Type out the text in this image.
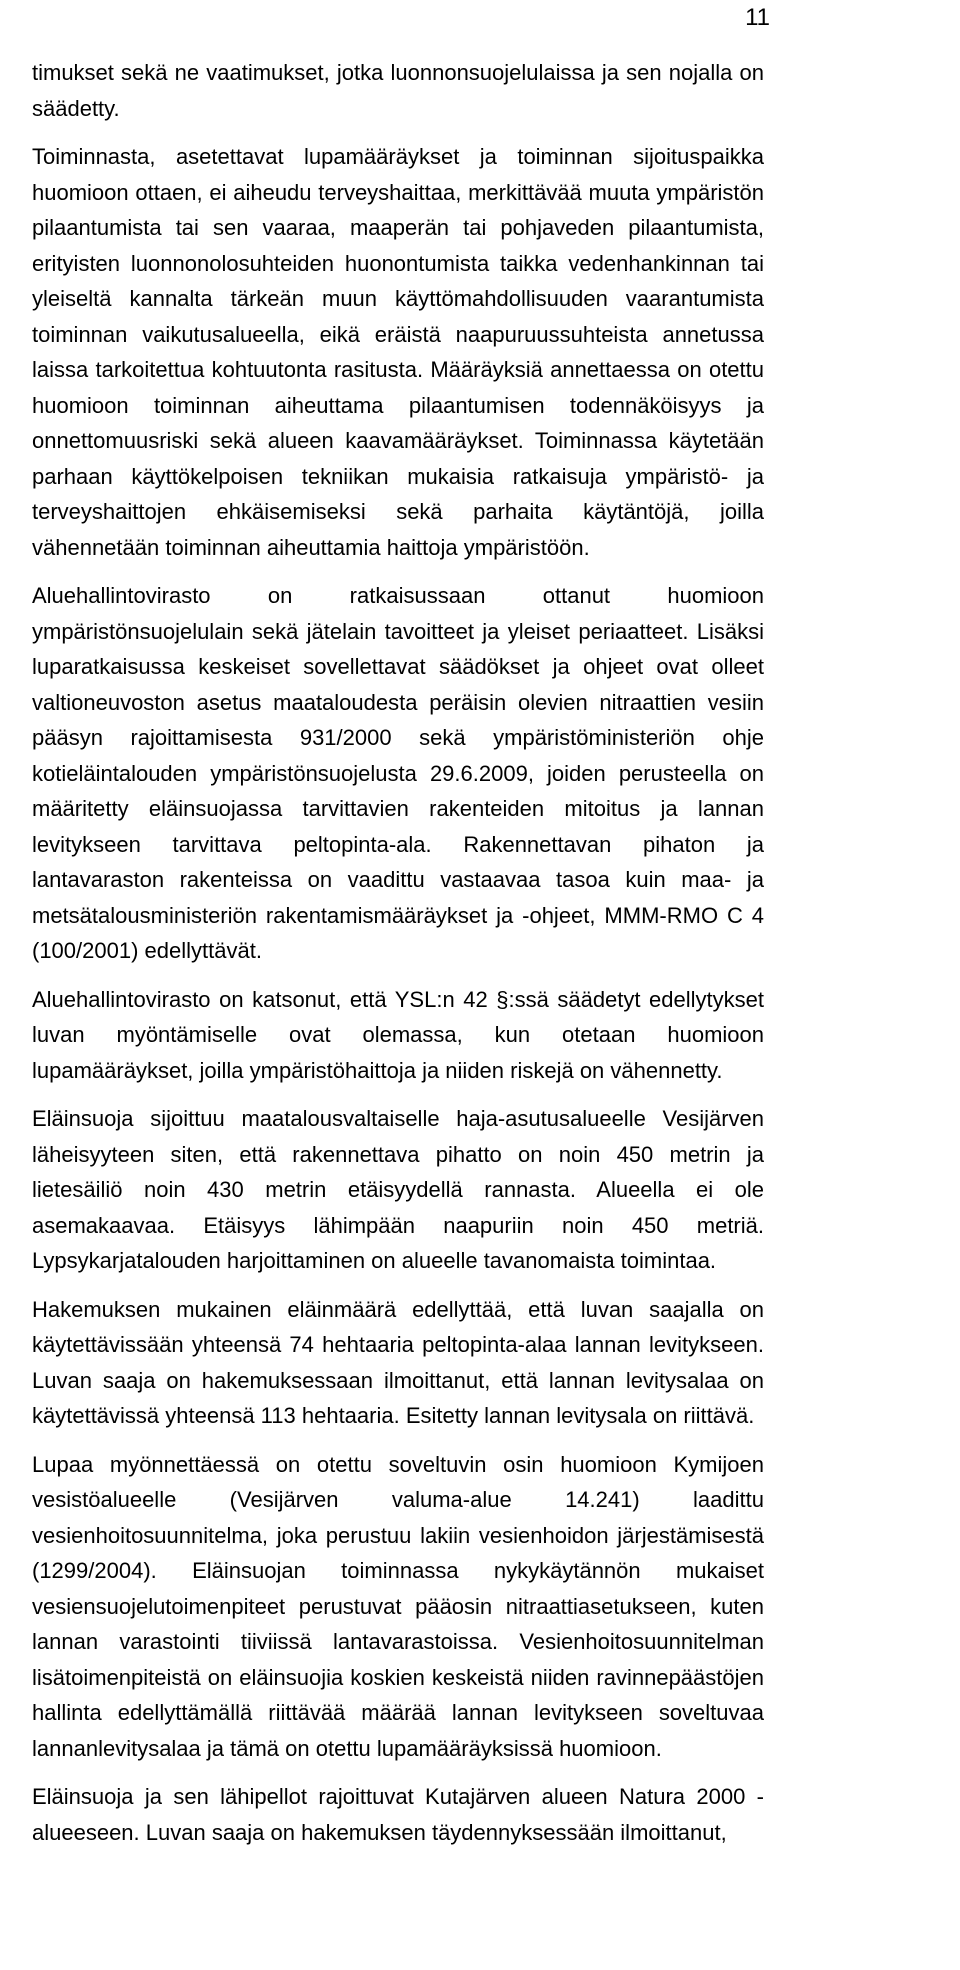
11

timukset sekä ne vaatimukset, jotka luonnonsuojelulaissa ja sen nojalla on säädetty.

Toiminnasta, asetettavat lupamääräykset ja toiminnan sijoituspaikka huomioon ottaen, ei aiheudu terveyshaittaa, merkittävää muuta ympäristön pilaantumista tai sen vaaraa, maaperän tai pohjaveden pilaantumista, erityisten luonnonolosuhteiden huonontumista taikka vedenhankinnan tai yleiseltä kannalta tärkeän muun käyttömahdollisuuden vaarantumista toiminnan vaikutusalueella, eikä eräistä naapuruussuhteista annetussa laissa tarkoitettua kohtuutonta rasitusta. Määräyksiä annettaessa on otettu huomioon toiminnan aiheuttama pilaantumisen todennäköisyys ja onnettomuusriski sekä alueen kaavamääräykset. Toiminnassa käytetään parhaan käyttökelpoisen tekniikan mukaisia ratkaisuja ympäristö- ja terveyshaittojen ehkäisemiseksi sekä parhaita käytäntöjä, joilla vähennetään toiminnan aiheuttamia haittoja ympäristöön.

Aluehallintovirasto on ratkaisussaan ottanut huomioon ympäristönsuojelulain sekä jätelain tavoitteet ja yleiset periaatteet. Lisäksi luparatkaisussa keskeiset sovellettavat säädökset ja ohjeet ovat olleet valtioneuvoston asetus maataloudesta peräisin olevien nitraattien vesiin pääsyn rajoittamisesta 931/2000 sekä ympäristöministeriön ohje kotieläintalouden ympäristönsuojelusta 29.6.2009, joiden perusteella on määritetty eläinsuojassa tarvittavien rakenteiden mitoitus ja lannan levitykseen tarvittava peltopinta-ala. Rakennettavan pihaton ja lantavaraston rakenteissa on vaadittu vastaavaa tasoa kuin maa- ja metsätalousministeriön rakentamismääräykset ja -ohjeet, MMM-RMO C 4 (100/2001) edellyttävät.

Aluehallintovirasto on katsonut, että YSL:n 42 §:ssä säädetyt edellytykset luvan myöntämiselle ovat olemassa, kun otetaan huomioon lupamääräykset, joilla ympäristöhaittoja ja niiden riskejä on vähennetty.

Eläinsuoja sijoittuu maatalousvaltaiselle haja-asutusalueelle Vesijärven läheisyyteen siten, että rakennettava pihatto on noin 450 metrin ja lietesäiliö noin 430 metrin etäisyydellä rannasta. Alueella ei ole asemakaavaa. Etäisyys lähimpään naapuriin noin 450 metriä. Lypsykarjatalouden harjoittaminen on alueelle tavanomaista toimintaa.

Hakemuksen mukainen eläinmäärä edellyttää, että luvan saajalla on käytettävissään yhteensä 74 hehtaaria peltopinta-alaa lannan levitykseen. Luvan saaja on hakemuksessaan ilmoittanut, että lannan levitysalaa on käytettävissä yhteensä 113 hehtaaria. Esitetty lannan levitysala on riittävä.

Lupaa myönnettäessä on otettu soveltuvin osin huomioon Kymijoen vesistöalueelle (Vesijärven valuma-alue 14.241) laadittu vesienhoitosuunnitelma, joka perustuu lakiin vesienhoidon järjestämisestä (1299/2004). Eläinsuojan toiminnassa nykykäytännön mukaiset vesiensuojelutoimenpiteet perustuvat pääosin nitraattiasetukseen, kuten lannan varastointi tiiviissä lantavarastoissa. Vesienhoitosuunnitelman lisätoimenpiteistä on eläinsuojia koskien keskeistä niiden ravinnepäästöjen hallinta edellyttämällä riittävää määrää lannan levitykseen soveltuvaa lannanlevitysalaa ja tämä on otettu lupamääräyksissä huomioon.

Eläinsuoja ja sen lähipellot rajoittuvat Kutajärven alueen Natura 2000 -alueeseen. Luvan saaja on hakemuksen täydennyksessään ilmoittanut,
